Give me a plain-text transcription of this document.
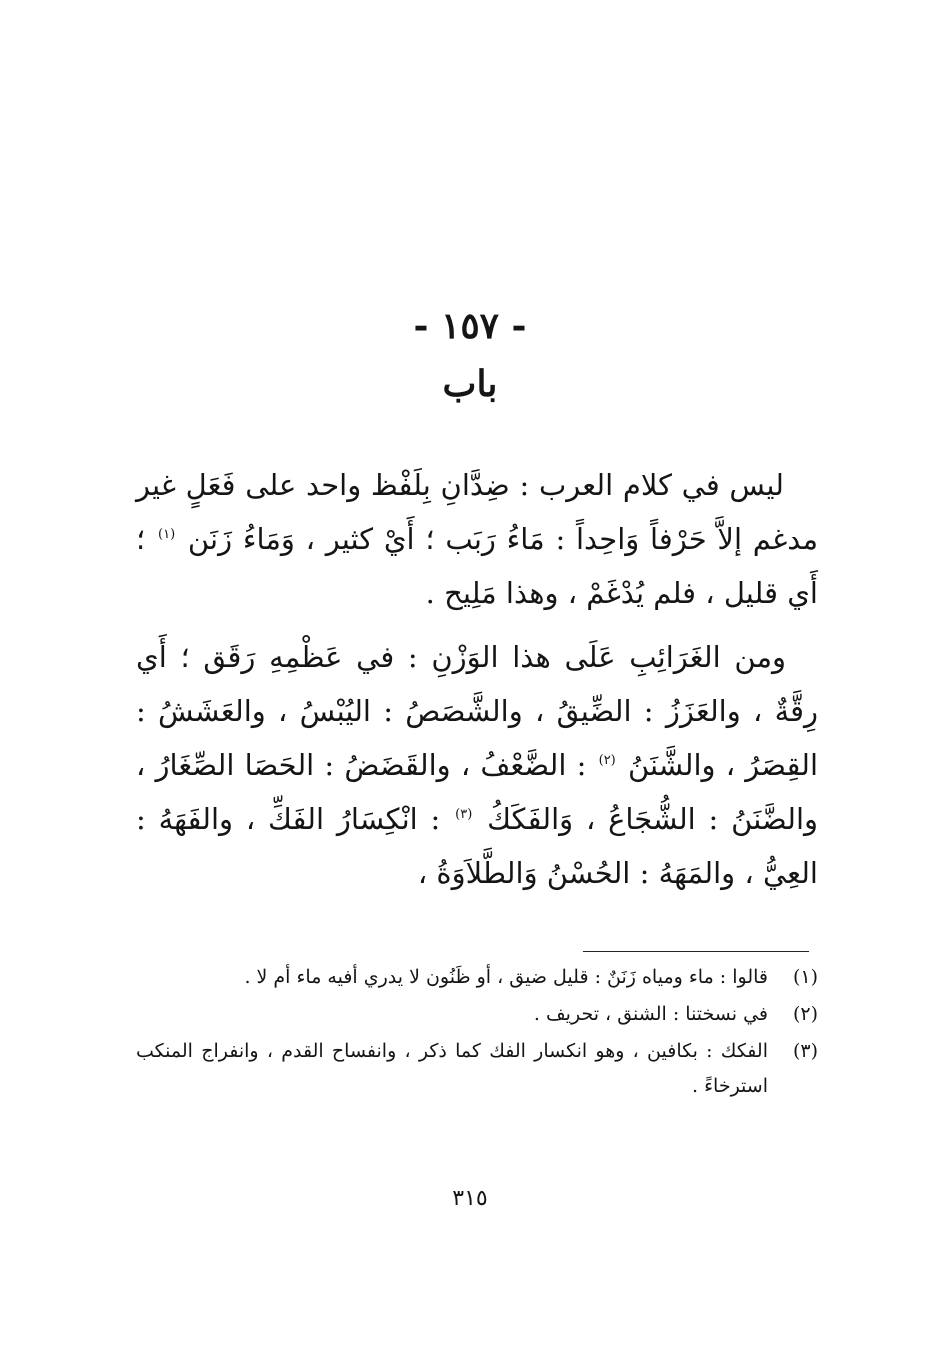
- ١٥٧ -
باب

ليس في كلام العرب : ضِدَّانِ بِلَفْظ واحد على فَعَلٍ غير مدغم إلاَّ حَرْفاً وَاحِداً : مَاءُ رَبَب ؛ أَيْ كثير ، وَمَاءُ زَنَن $^{(١)}$ ؛ أَي قليل ، فلم يُدْغَمْ ، وهذا مَلِيح .

ومن الغَرَائِبِ عَلَى هذا الوَزْنِ : في عَظْمِهِ رَقَق ؛ أَي رِقَّةٌ ، والعَزَزُ : الضِّيقُ ، والشَّصَصُ : اليُبْسُ ، والعَشَشُ : القِصَرُ ، والشَّنَنُ $^{(٢)}$ : الضَّعْفُ ، والقَضَضُ : الحَصَا الصِّغَارُ ، والضَّنَنُ : الشُّجَاعُ ، وَالفَكَكُ $^{(٣)}$ : انْكِسَارُ الفَكِّ ، والفَهَهُ : العِيُّ ، والمَهَهُ : الحُسْنُ وَالطَّلاَوَةُ ،

(١)
قالوا : ماء ومياه زَنَنٌ : قليل ضيق ، أو ظَنُون لا يدري أفيه ماء أم لا .
(٢)
في نسختنا : الشنق ، تحريف .
(٣)
الفكك : بكافين ، وهو انكسار الفك كما ذكر ، وانفساح القدم ، وانفراج المنكب استرخاءً .
٣١٥
